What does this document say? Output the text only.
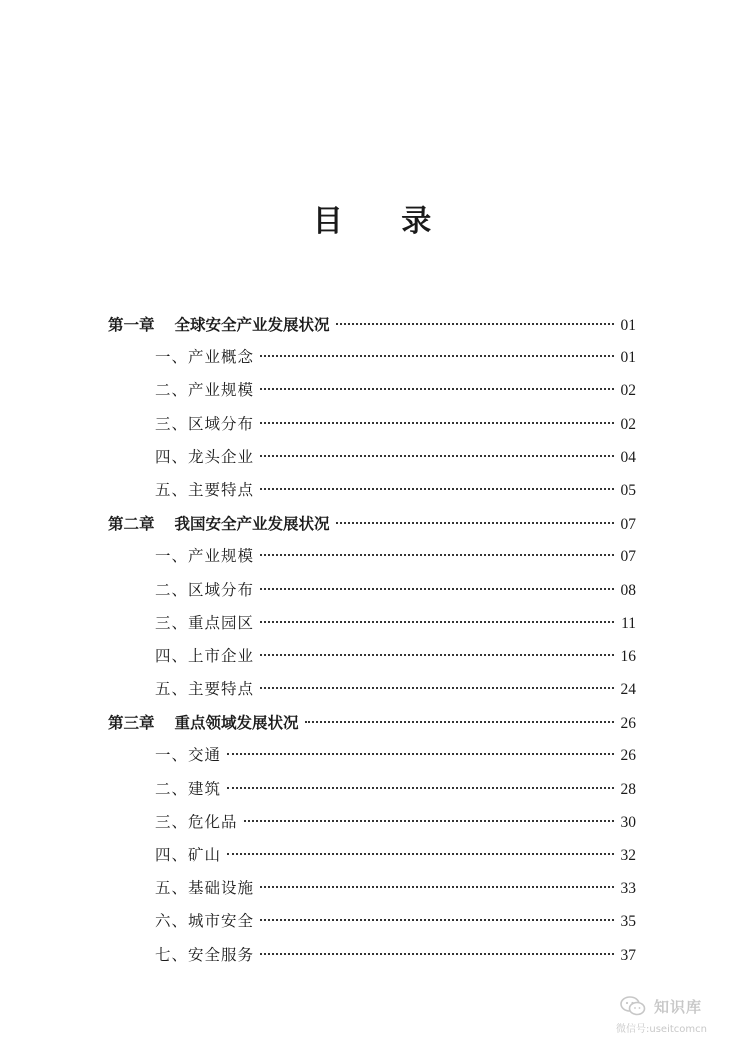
目 录
第一章 全球安全产业发展状况	01
一、产业概念	01
二、产业规模	02
三、区域分布	02
四、龙头企业	04
五、主要特点	05
第二章 我国安全产业发展状况	07
一、产业规模	07
二、区域分布	08
三、重点园区	11
四、上市企业	16
五、主要特点	24
第三章 重点领域发展状况	26
一、交通	26
二、建筑	28
三、危化品	30
四、矿山	32
五、基础设施	33
六、城市安全	35
七、安全服务	37
知识库
微信号:useitcomcn
